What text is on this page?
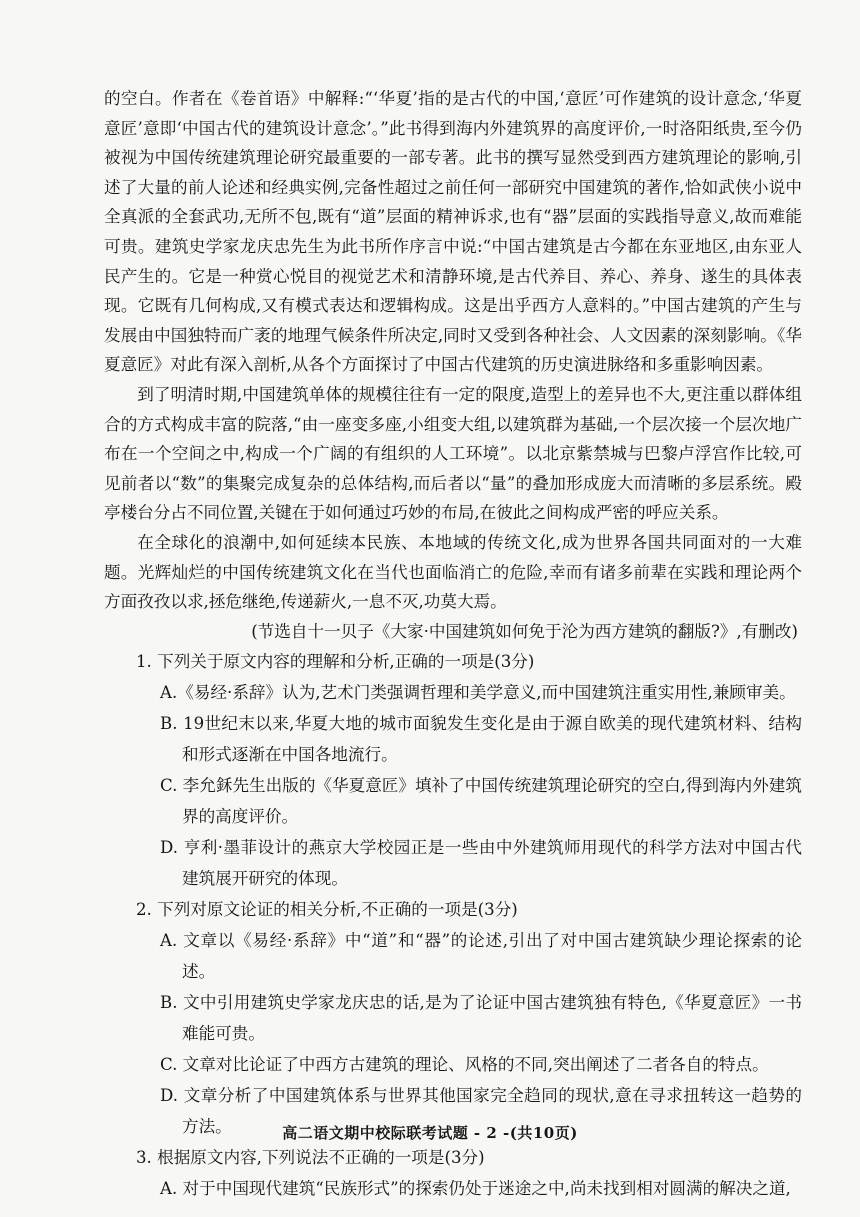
的空白。作者在《卷首语》中解释:“‘华夏’指的是古代的中国,‘意匠’可作建筑的设计意念,‘华夏意匠’意即‘中国古代的建筑设计意念’。”此书得到海内外建筑界的高度评价,一时洛阳纸贵,至今仍被视为中国传统建筑理论研究最重要的一部专著。此书的撰写显然受到西方建筑理论的影响,引述了大量的前人论述和经典实例,完备性超过之前任何一部研究中国建筑的著作,恰如武侠小说中全真派的全套武功,无所不包,既有“道”层面的精神诉求,也有“器”层面的实践指导意义,故而难能可贵。建筑史学家龙庆忠先生为此书所作序言中说:“中国古建筑是古今都在东亚地区,由东亚人民产生的。它是一种赏心悦目的视觉艺术和清静环境,是古代养目、养心、养身、遂生的具体表现。它既有几何构成,又有模式表达和逻辑构成。这是出乎西方人意料的。”中国古建筑的产生与发展由中国独特而广袤的地理气候条件所决定,同时又受到各种社会、人文因素的深刻影响。《华夏意匠》对此有深入剖析,从各个方面探讨了中国古代建筑的历史演进脉络和多重影响因素。

到了明清时期,中国建筑单体的规模往往有一定的限度,造型上的差异也不大,更注重以群体组合的方式构成丰富的院落,“由一座变多座,小组变大组,以建筑群为基础,一个层次接一个层次地广布在一个空间之中,构成一个广阔的有组织的人工环境”。以北京紫禁城与巴黎卢浮宫作比较,可见前者以“数”的集聚完成复杂的总体结构,而后者以“量”的叠加形成庞大而清晰的多层系统。殿亭楼台分占不同位置,关键在于如何通过巧妙的布局,在彼此之间构成严密的呼应关系。

在全球化的浪潮中,如何延续本民族、本地域的传统文化,成为世界各国共同面对的一大难题。光辉灿烂的中国传统建筑文化在当代也面临消亡的危险,幸而有诸多前辈在实践和理论两个方面孜孜以求,拯危继绝,传递薪火,一息不灭,功莫大焉。

(节选自十一贝子《大家·中国建筑如何免于沦为西方建筑的翻版?》,有删改)

1. 下列关于原文内容的理解和分析,正确的一项是(3分)

A.《易经·系辞》认为,艺术门类强调哲理和美学意义,而中国建筑注重实用性,兼顾审美。

B. 19世纪末以来,华夏大地的城市面貌发生变化是由于源自欧美的现代建筑材料、结构和形式逐渐在中国各地流行。

C. 李允鉌先生出版的《华夏意匠》填补了中国传统建筑理论研究的空白,得到海内外建筑界的高度评价。

D. 亨利·墨菲设计的燕京大学校园正是一些由中外建筑师用现代的科学方法对中国古代建筑展开研究的体现。

2. 下列对原文论证的相关分析,不正确的一项是(3分)

A. 文章以《易经·系辞》中“道”和“器”的论述,引出了对中国古建筑缺少理论探索的论述。

B. 文中引用建筑史学家龙庆忠的话,是为了论证中国古建筑独有特色,《华夏意匠》一书难能可贵。

C. 文章对比论证了中西方古建筑的理论、风格的不同,突出阐述了二者各自的特点。

D. 文章分析了中国建筑体系与世界其他国家完全趋同的现状,意在寻求扭转这一趋势的方法。

3. 根据原文内容,下列说法不正确的一项是(3分)

A. 对于中国现代建筑“民族形式”的探索仍处于迷途之中,尚未找到相对圆满的解决之道,

高二语文期中校际联考试题 - 2 -(共10页)
